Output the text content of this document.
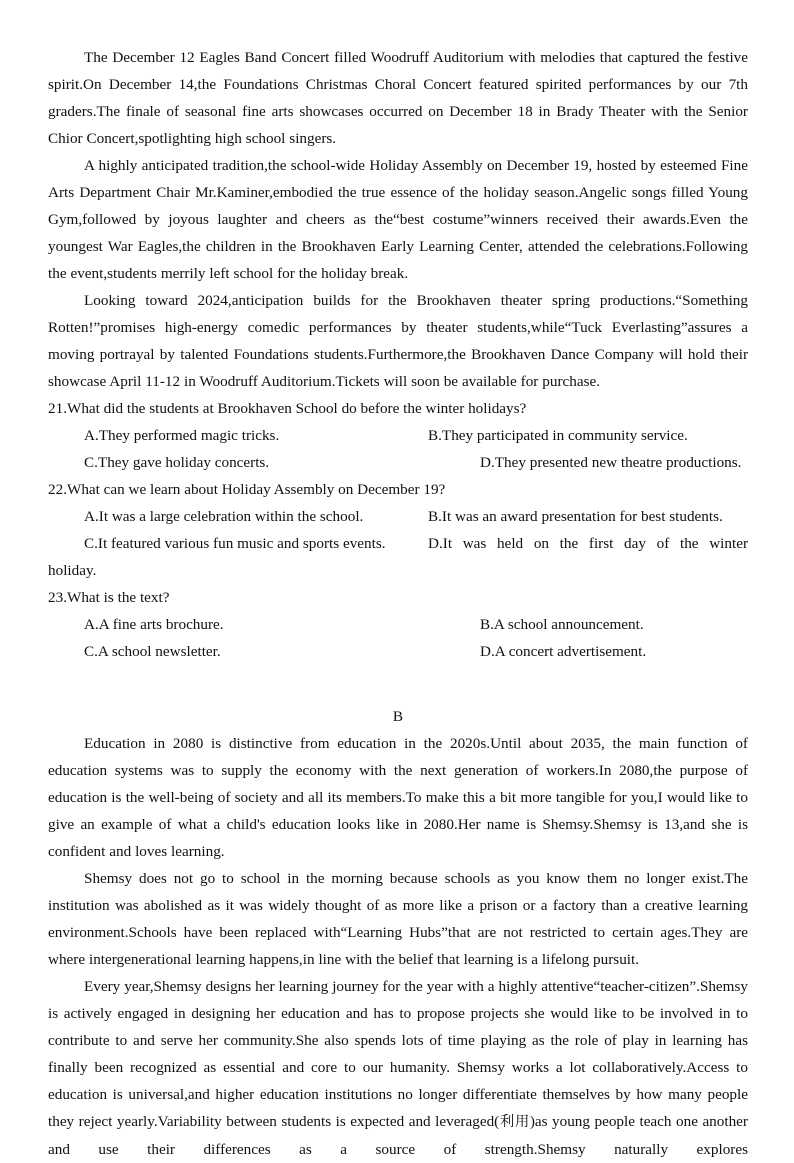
The December 12 Eagles Band Concert filled Woodruff Auditorium with melodies that captured the festive spirit.On December 14,the Foundations Christmas Choral Concert featured spirited performances by our 7th graders.The finale of seasonal fine arts showcases occurred on December 18 in Brady Theater with the Senior Chior Concert,spotlighting high school singers.

A highly anticipated tradition,the school-wide Holiday Assembly on December 19, hosted by esteemed Fine Arts Department Chair Mr.Kaminer,embodied the true essence of the holiday season.Angelic songs filled Young Gym,followed by joyous laughter and cheers as the“best costume”winners received their awards.Even the youngest War Eagles,the children in the Brookhaven Early Learning Center, attended the celebrations.Following the event,students merrily left school for the holiday break.

Looking toward 2024,anticipation builds for the Brookhaven theater spring productions.“Something Rotten!”promises high-energy comedic performances by theater students,while“Tuck Everlasting”assures a moving portrayal by talented Foundations students.Furthermore,the Brookhaven Dance Company will hold their showcase April 11-12 in Woodruff Auditorium.Tickets will soon be available for purchase.

21.What did the students at Brookhaven School do before the winter holidays?

A.They performed magic tricks.	B.They participated in community service.
C.They gave holiday concerts.	D.They presented new theatre productions.

22.What can we learn about Holiday Assembly on December 19?

A.It was a large celebration within the school.	B.It was an award presentation for best students.
C.It featured various fun music and sports events.	D.It was held on the first day of the winter

holiday.

23.What is the text?

A.A fine arts brochure.	B.A school announcement.
C.A school newsletter.	D.A concert advertisement.

B

Education in 2080 is distinctive from education in the 2020s.Until about 2035, the main function of education systems was to supply the economy with the next generation of workers.In 2080,the purpose of education is the well-being of society and all its members.To make this a bit more tangible for you,I would like to give an example of what a child's education looks like in 2080.Her name is Shemsy.Shemsy is 13,and she is confident and loves learning.

Shemsy does not go to school in the morning because schools as you know them no longer exist.The institution was abolished as it was widely thought of as more like a prison or a factory than a creative learning environment.Schools have been replaced with“Learning Hubs”that are not restricted to certain ages.They are where intergenerational learning happens,in line with the belief that learning is a lifelong pursuit.

Every year,Shemsy designs her learning journey for the year with a highly attentive“teacher-citizen”.Shemsy is actively engaged in designing her education and has to propose projects she would like to be involved in to contribute to and serve her community.She also spends lots of time playing as the role of play in learning has finally been recognized as essential and core to our humanity. Shemsy works a lot collaboratively.Access to education is universal,and higher education institutions no longer differentiate themselves by how many people they reject yearly.Variability between students is expected and leveraged(利用)as young people teach one another and use their differences as a source of strength.Shemsy naturally explores
